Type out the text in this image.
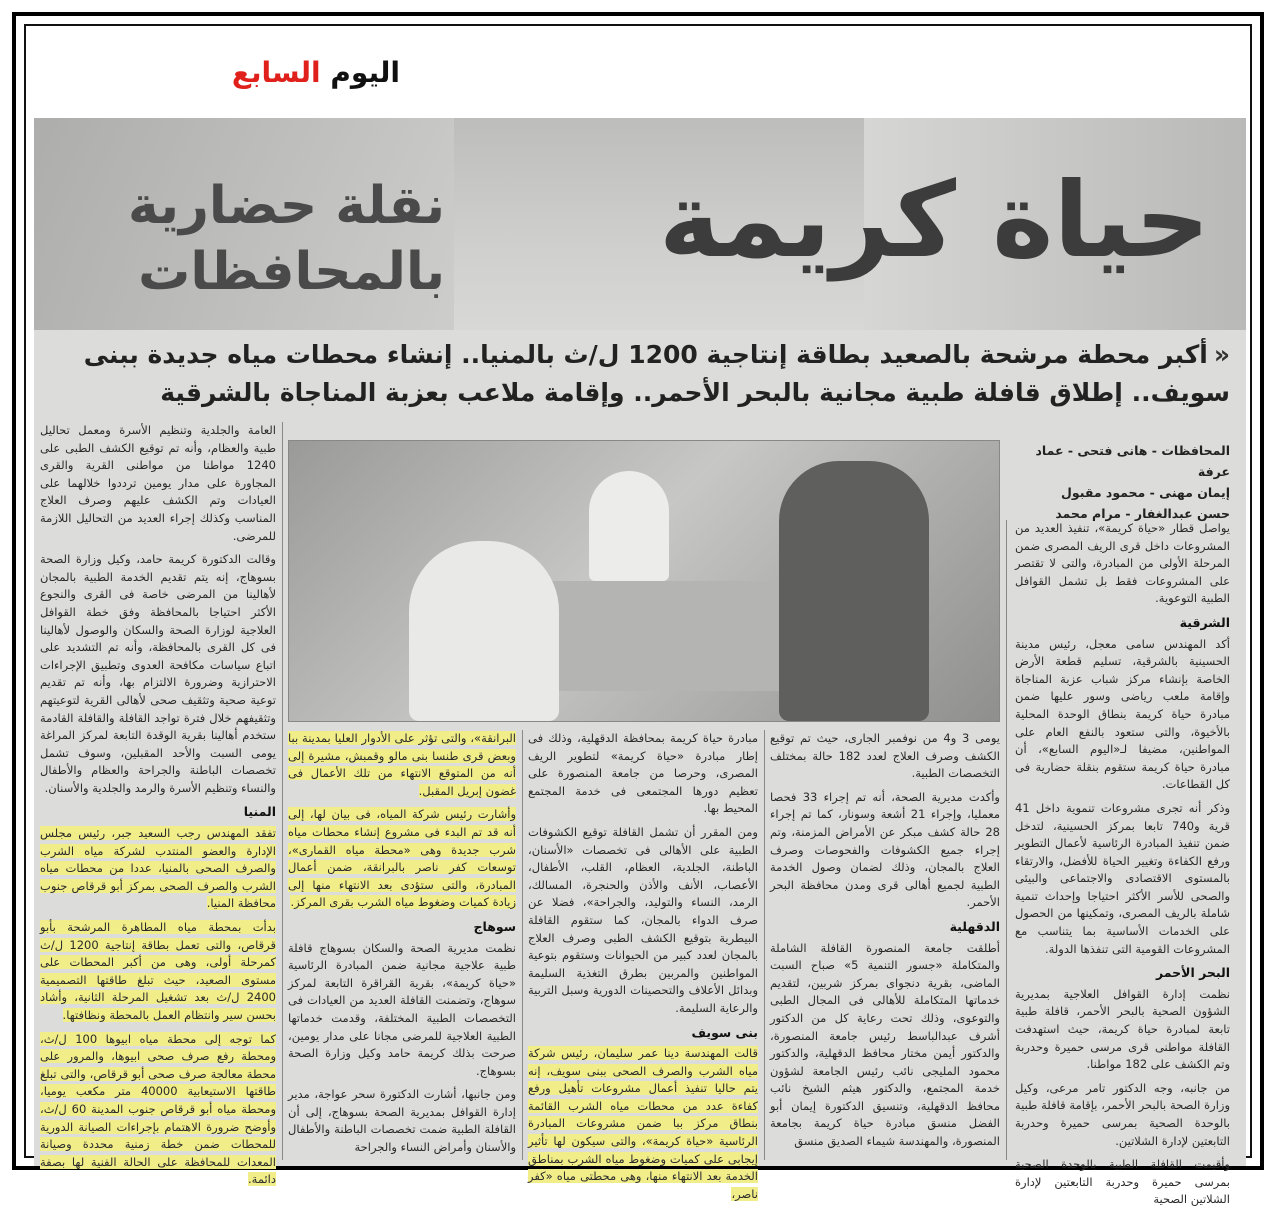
اليوم السابع
حياة كريمة
نقلة حضارية
بالمحافظات
«أكبر محطة مرشحة بالصعيد بطاقة إنتاجية 1200 ل/ث بالمنيا.. إنشاء محطات مياه جديدة ببنى سويف.. إطلاق قافلة طبية مجانية بالبحر الأحمر.. وإقامة ملاعب بعزبة المناجاة بالشرقية
المحافظات - هانى فتحى - عماد عرفة
إيمان مهنى - محمود مقبول
حسن عبدالغفار - مرام محمد

يواصل قطار «حياة كريمة»، تنفيذ العديد من المشروعات داخل قرى الريف المصرى ضمن المرحلة الأولى من المبادرة، والتى لا تقتصر على المشروعات فقط بل تشمل القوافل الطبية التوعوية.

الشرقية

أكد المهندس سامى معجل، رئيس مدينة الحسينية بالشرقية، تسليم قطعة الأرض الخاصة بإنشاء مركز شباب عزبة المناجاة وإقامة ملعب رياضى وسور عليها ضمن مبادرة حياة كريمة بنطاق الوحدة المحلية بالأخيوة، والتى ستعود بالنفع العام على المواطنين، مضيفا لـ«اليوم السابع»، أن مبادرة حياة كريمة ستقوم بنقلة حضارية فى كل القطاعات.

وذكر أنه تجرى مشروعات تنموية داخل 41 قرية و740 تابعا بمركز الحسينية، لتدخل ضمن تنفيذ المبادرة الرئاسية لأعمال التطوير ورفع الكفاءة وتغيير الحياة للأفضل، والارتقاء بالمستوى الاقتصادى والاجتماعى والبيئى والصحى للأسر الأكثر احتياجا وإحداث تنمية شاملة بالريف المصرى، وتمكينها من الحصول على الخدمات الأساسية بما يتناسب مع المشروعات القومية التى تنفذها الدولة.

البحر الأحمر

نظمت إدارة القوافل العلاجية بمديرية الشؤون الصحية بالبحر الأحمر، قافلة طبية تابعة لمبادرة حياة كريمة، حيث استهدفت القافلة مواطنى قرى مرسى حميرة وحدربة وتم الكشف على 182 مواطنا.

من جانبه، وجه الدكتور تامر مرعى، وكيل وزارة الصحة بالبحر الأحمر، بإقامة قافلة طبية بالوحدة الصحية بمرسى حميرة وحدربة التابعتين لإدارة الشلاتين.

وأقيمت القافلة الطبية بالوحدة الصحية بمرسى حميرة وحدربة التابعتين لإدارة الشلاتين الصحية

يومى 3 و4 من نوفمبر الجارى، حيث تم توقيع الكشف وصرف العلاج لعدد 182 حالة بمختلف التخصصات الطبية.

وأكدت مديرية الصحة، أنه تم إجراء 33 فحصا معمليا، وإجراء 21 أشعة وسونار، كما تم إجراء 28 حالة كشف مبكر عن الأمراض المزمنة، وتم إجراء جميع الكشوفات والفحوصات وصرف العلاج بالمجان، وذلك لضمان وصول الخدمة الطبية لجميع أهالى قرى ومدن محافظة البحر الأحمر.

الدقهلية

أطلقت جامعة المنصورة القافلة الشاملة والمتكاملة «جسور التنمية 5» صباح السبت الماضى، بقرية دنجواى بمركز شربين، لتقديم خدماتها المتكاملة للأهالى فى المجال الطبى والتوعوى، وذلك تحت رعاية كل من الدكتور أشرف عبدالباسط رئيس جامعة المنصورة، والدكتور أيمن مختار محافظ الدقهلية، والدكتور محمود المليجى نائب رئيس الجامعة لشؤون خدمة المجتمع، والدكتور هيثم الشيخ نائب محافظ الدقهلية، وتنسيق الدكتورة إيمان أبو الفضل منسق مبادرة حياة كريمة بجامعة المنصورة، والمهندسة شيماء الصديق منسق

مبادرة حياة كريمة بمحافظة الدقهلية، وذلك فى إطار مبادرة «حياة كريمة» لتطوير الريف المصرى، وحرصا من جامعة المنصورة على تعظيم دورها المجتمعى فى خدمة المجتمع المحيط بها.

ومن المقرر أن تشمل القافلة توقيع الكشوفات الطبية على الأهالى فى تخصصات «الأسنان، الباطنة، الجلدية، العظام، القلب، الأطفال، الأعصاب، الأنف والأذن والحنجرة، المسالك، الرمد، النساء والتوليد، والجراحة»، فضلا عن صرف الدواء بالمجان، كما ستقوم القافلة البيطرية بتوقيع الكشف الطبى وصرف العلاج بالمجان لعدد كبير من الحيوانات وستقوم بتوعية المواطنين والمربين بطرق التغذية السليمة وبدائل الأعلاف والتحصينات الدورية وسبل التربية والرعاية السليمة.

بنى سويف

قالت المهندسة دينا عمر سليمان، رئيس شركة مياه الشرب والصرف الصحى ببنى سويف، إنه يتم حاليا تنفيذ أعمال مشروعات تأهيل ورفع كفاءة عدد من محطات مياه الشرب القائمة بنطاق مركز ببا ضمن مشروعات المبادرة الرئاسية «حياة كريمة»، والتى سيكون لها تأثير إيجابى على كميات وضغوط مياه الشرب بمناطق الخدمة بعد الانتهاء منها، وهى محطتى مياه «كفر ناصر،

البرانقة»، والتى تؤثر على الأدوار العليا بمدينة ببا وبعض قرى طنسا بنى مالو وقمبش، مشيرة إلى أنه من المتوقع الانتهاء من تلك الأعمال فى غضون إبريل المقبل.

وأشارت رئيس شركة المياه، فى بيان لها، إلى أنه قد تم البدء فى مشروع إنشاء محطات مياه شرب جديدة وهى «محطة مياه القمارى»، توسعات كفر ناصر بالبرانقة، ضمن أعمال المبادرة، والتى ستؤدى بعد الانتهاء منها إلى زيادة كميات وضغوط مياه الشرب بقرى المركز.

سوهاج

نظمت مديرية الصحة والسكان بسوهاج قافلة طبية علاجية مجانية ضمن المبادرة الرئاسية «حياة كريمة»، بقرية القراقرة التابعة لمركز سوهاج، وتضمنت القافلة العديد من العيادات فى التخصصات الطبية المختلفة، وقدمت خدماتها الطبية العلاجية للمرضى مجانا على مدار يومين، صرحت بذلك كريمة حامد وكيل وزارة الصحة بسوهاج.

ومن جانبها، أشارت الدكتورة سحر عواجة، مدير إدارة القوافل بمديرية الصحة بسوهاج، إلى أن القافلة الطبية ضمت تخصصات الباطنة والأطفال والأسنان وأمراض النساء والجراحة

العامة والجلدية وتنظيم الأسرة ومعمل تحاليل طبية والعظام، وأنه تم توقيع الكشف الطبى على 1240 مواطنا من مواطنى القرية والقرى المجاورة على مدار يومين ترددوا خلالهما على العيادات وتم الكشف عليهم وصرف العلاج المناسب وكذلك إجراء العديد من التحاليل اللازمة للمرضى.

وقالت الدكتورة كريمة حامد، وكيل وزارة الصحة بسوهاج، إنه يتم تقديم الخدمة الطبية بالمجان لأهالينا من المرضى خاصة فى القرى والنجوع الأكثر احتياجا بالمحافظة وفق خطة القوافل العلاجية لوزارة الصحة والسكان والوصول لأهالينا فى كل القرى بالمحافظة، وأنه تم التشديد على اتباع سياسات مكافحة العدوى وتطبيق الإجراءات الاحترازية وضرورة الالتزام بها، وأنه تم تقديم توعية صحية وتثقيف صحى لأهالى القرية لتوعيتهم وتثقيفهم خلال فترة تواجد القافلة والقافلة القادمة ستخدم أهالينا بقرية الوقدة التابعة لمركز المراغة يومى السبت والأحد المقبلين، وسوف تشمل تخصصات الباطنة والجراحة والعظام والأطفال والنساء وتنظيم الأسرة والرمد والجلدية والأسنان.

المنيا

تفقد المهندس رجب السعيد جبر، رئيس مجلس الإدارة والعضو المنتدب لشركة مياه الشرب والصرف الصحى بالمنيا، عددا من محطات مياه الشرب والصرف الصحى بمركز أبو قرقاص جنوب محافظة المنيا.

بدأت بمحطة مياه المطاهرة المرشحة بأبو قرقاص، والتى تعمل بطاقة إنتاجية 1200 ل/ث كمرحلة أولى، وهى من أكبر المحطات على مستوى الصعيد، حيث تبلغ طاقتها التصميمية 2400 ل/ث بعد تشغيل المرحلة الثانية، وأشاد بحسن سير وانتظام العمل بالمحطة ونظافتها.

كما توجه إلى محطة مياه ابيوها 100 ل/ث، ومحطة رفع صرف صحى ابيوها، والمرور على محطة معالجة صرف صحى أبو قرقاص، والتى تبلغ طاقتها الاستيعابية 40000 متر مكعب يوميا، ومحطة مياه أبو قرقاص جنوب المدينة 60 ل/ث، وأوضح ضرورة الاهتمام بإجراءات الصيانة الدورية للمحطات ضمن خطة زمنية محددة وصيانة المعدات للمحافظة على الحالة الفنية لها بصفة دائمة.
